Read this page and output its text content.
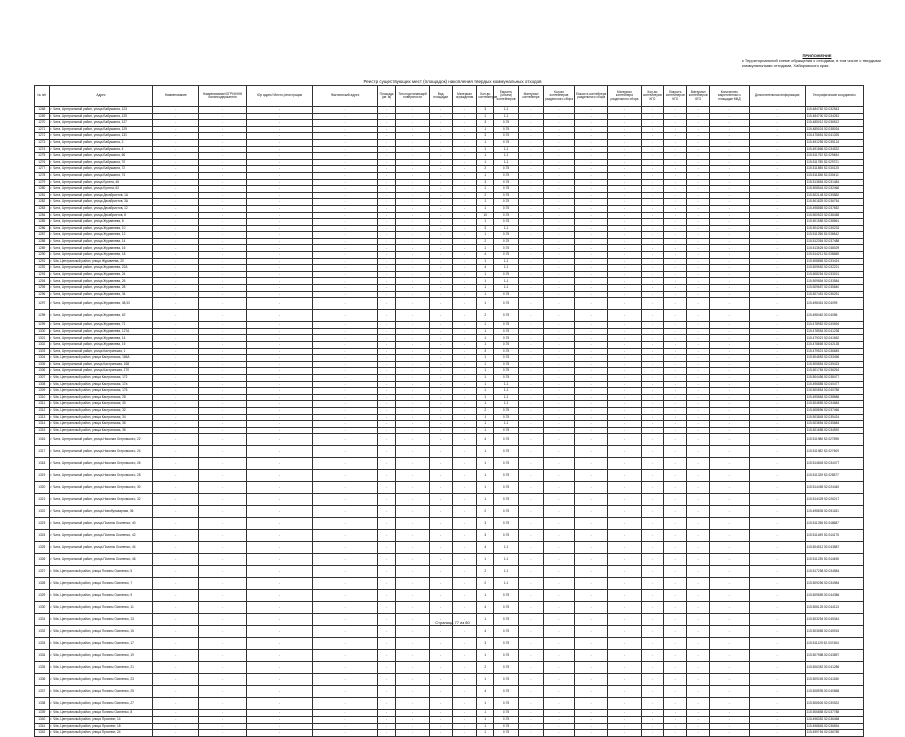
ПРИЛОЖЕНИЕ
к Территориальной схеме обращения с отходами, в том числе с твердыми
коммунальными отходами, Хабаровского края
Реестр существующих мест (площадок) накопления твердых коммунальных отходов
№ п/п	Адрес	Наименование	Наименование/ОГРН/ИНН балансодержателя	Юр адрес/ Место регистрации	Фактический адрес	Площадь (кв. м)	Тип подстилающей поверхности	Вид площадки	Материал ограждения	Кол-во контейнеров	Емкость (объем) контейнеров	Материал контейнера	Кол-во контейнеров раздельного сбора	Емкость контейнера раздельного сбора	Материал контейнера раздельного сбора	Кол-во контейнеров КГО	Емкость контейнеров КГО	Материал контейнеров КГО	Количество закрепленных к площадке МКД	Дополнительная информация	Географические координаты
1268	г. Чита, Центральный район, улица Бабушкина, 123	-	-	-	-	-	-	-	-	3	1.1	-	-	-	-	-	-	-	-	-	115.484782 52.032543
1269	г. Чита, Центральный район, улица Бабушкина, 125	-	-	-	-	-	-	-	-	1	1.1	-	-	-	-	-	-	-	-	-	115.484700 52.034281
1270	г. Чита, Центральный район, улица Бабушкина, 127	-	-	-	-	-	-	-	-	3	0.75	-	-	-	-	-	-	-	-	-	115.485012 52.036512
1271	г. Чита, Центральный район, улица Бабушкина, 129	-	-	-	-	-	-	-	-	1	0.75	-	-	-	-	-	-	-	-	-	115.485024 52.038034
1272	г. Чита, Центральный район, улица Бабушкина, 131	-	-	-	-	-	-	-	-	3	0.75	-	-	-	-	-	-	-	-	-	115.475651 52.041325
1273	г. Чита, Центральный район, улица Бабушкина, 2	-	-	-	-	-	-	-	-	1	0.75	-	-	-	-	-	-	-	-	-	115.491255 52.035124
1274	г. Чита, Центральный район, улица Бабушкина, 4	-	-	-	-	-	-	-	-	1	1.1	-	-	-	-	-	-	-	-	-	115.491866 52.034522
1275	г. Чита, Центральный район, улица Бабушкина, 66	-	-	-	-	-	-	-	-	1	1.1	-	-	-	-	-	-	-	-	-	115.511792 52.029484
1276	г. Чита, Центральный район, улица Бабушкина, 70	-	-	-	-	-	-	-	-	1	1.1	-	-	-	-	-	-	-	-	-	115.511785 52.029721
1277	г. Чита, Центральный район, улица Бабушкина, 72	-	-	-	-	-	-	-	-	2	0.75	-	-	-	-	-	-	-	-	-	115.511855 52.030125
1278	г. Чита, Центральный район, улица Бабушкина, 74	-	-	-	-	-	-	-	-	1	0.75	-	-	-	-	-	-	-	-	-	115.511836 52.030411
1279	г. Чита, Центральный район, улица Бутина, 46	-	-	-	-	-	-	-	-	3	0.75	-	-	-	-	-	-	-	-	-	115.513854 52.031484
1280	г. Чита, Центральный район, улица Бутина, 62	-	-	-	-	-	-	-	-	1	0.75	-	-	-	-	-	-	-	-	-	115.508544 52.032466
1281	г. Чита, Центральный район, улица Декабристов, 1А	-	-	-	-	-	-	-	-	2	0.75	-	-	-	-	-	-	-	-	-	115.502148 52.035882
1282	г. Чита, Центральный район, улица Декабристов, 3А	-	-	-	-	-	-	-	-	1	0.75	-	-	-	-	-	-	-	-	-	115.501825 52.036754
1283	г. Чита, Центральный район, улица Декабристов, 12	-	-	-	-	-	-	-	-	1	0.75	-	-	-	-	-	-	-	-	-	115.498865 52.037652
1284	г. Чита, Центральный район, улица Декабристов, 8	-	-	-	-	-	-	-	-	10	0.75	-	-	-	-	-	-	-	-	-	115.500522 52.038458
1285	г. Чита, Центральный район, улица Журавлева, 8	-	-	-	-	-	-	-	-	1	0.75	-	-	-	-	-	-	-	-	-	115.501585 52.038861
1286	г. Чита, Центральный район, улица Журавлева, 10	-	-	-	-	-	-	-	-	3	1.1	-	-	-	-	-	-	-	-	-	115.504265 52.035233
1287	г. Чита, Центральный район, улица Журавлева, 12	-	-	-	-	-	-	-	-	1	0.75	-	-	-	-	-	-	-	-	-	115.511256 52.036842
1288	г. Чита, Центральный район, улица Журавлева, 14	-	-	-	-	-	-	-	-	2	0.75	-	-	-	-	-	-	-	-	-	115.512354 52.037488
1289	г. Чита, Центральный район, улица Журавлева, 16	-	-	-	-	-	-	-	-	1	0.75	-	-	-	-	-	-	-	-	-	115.513525 52.038029
1290	г. Чита, Центральный район, улица Журавлева, 18	-	-	-	-	-	-	-	-	4	0.75	-	-	-	-	-	-	-	-	-	115.514211 52.038588
1291	г. Чita, Центральный район, улица Журавлева, 20	-	-	-	-	-	-	-	-	1	1.1	-	-	-	-	-	-	-	-	-	115.508865 52.033424
1292	г. Чита, Центральный район, улица Журавлева, 22А	-	-	-	-	-	-	-	-	4	1.1	-	-	-	-	-	-	-	-	-	115.509652 52.032221
1293	г. Чита, Центральный район, улица Журавлева, 24	-	-	-	-	-	-	-	-	1	0.75	-	-	-	-	-	-	-	-	-	115.508254 52.033021
1294	г. Чита, Центральный район, улица Журавлева, 26	-	-	-	-	-	-	-	-	1	1.1	-	-	-	-	-	-	-	-	-	115.509854 52.033584
1295	г. Чита, Центральный район, улица Журавлева, 28	-	-	-	-	-	-	-	-	1	1.1	-	-	-	-	-	-	-	-	-	115.509657 52.035840
1296	г. Чита, Центральный район, улица Журавлева, 34	-	-	-	-	-	-	-	-	1	0.75	-	-	-	-	-	-	-	-	-	115.507451 52.036251
1297	г. Чита, Центральный район, улица Журавлева, 48,33	-	-	-	-	-	-	-	-	1	0.75	-	-	-	-	-	-	-	-	-	115.498451 52.04099
1298	г. Чита, Центральный район, улица Журавлева, 62	-	-	-	-	-	-	-	-	2	0.75	-	-	-	-	-	-	-	-	-	115.498462 52.04086
1299	г. Чита, Центральный район, улица Журавлева, 71	-	-	-	-	-	-	-	-	1	0.75	-	-	-	-	-	-	-	-	-	115.478952 52.040694
1300	г. Чита, Центральный район, улица Журавлева, 127А	-	-	-	-	-	-	-	-	1	0.75	-	-	-	-	-	-	-	-	-	115.478554 52.041238
1301	г. Чита, Центральный район, улица Журавлева, 14	-	-	-	-	-	-	-	-	1	0.75	-	-	-	-	-	-	-	-	-	115.479321 52.041652
1302	г. Чита, Центральный район, улица Журавлева, 15	-	-	-	-	-	-	-	-	1	0.75	-	-	-	-	-	-	-	-	-	115.478865 52.042135
1303	г. Чита, Центральный район, улица Кастринская, 1	-	-	-	-	-	-	-	-	3	0.75	-	-	-	-	-	-	-	-	-	115.479521 52.036845
1304	г. Чita, Центральный район, улица Кастринская, 166А	-	-	-	-	-	-	-	-	1	0.75	-	-	-	-	-	-	-	-	-	115.504853 52.033456
1305	г. Чита, Центральный район, улица Кастринская, 168	-	-	-	-	-	-	-	-	1	0.75	-	-	-	-	-	-	-	-	-	115.505854 52.035423
1306	г. Чита, Центральный район, улица Кастринская, 170	-	-	-	-	-	-	-	-	1	0.75	-	-	-	-	-	-	-	-	-	115.501784 52.036254
1307	г. Чita, Центральный район, улица Кастринская, 172	-	-	-	-	-	-	-	-	1	0.75	-	-	-	-	-	-	-	-	-	115.504456 52.038477
1308	г. Чita, Центральный район, улица Кастринская, 17а	-	-	-	-	-	-	-	-	1	1.1	-	-	-	-	-	-	-	-	-	115.496885 52.040477
1309	г. Чita, Центральный район, улица Кастринская, 176	-	-	-	-	-	-	-	-	1	1.1	-	-	-	-	-	-	-	-	-	115.500854 52.040786
1310	г. Чita, Центральный район, улица Кастринская, 28	-	-	-	-	-	-	-	-	1	1.1	-	-	-	-	-	-	-	-	-	115.495884 52.038686
1311	г. Чita, Центральный район, улица Кастринская, 30	-	-	-	-	-	-	-	-	1	1.1	-	-	-	-	-	-	-	-	-	115.504855 52.034684
1312	г. Чita, Центральный район, улица Кастринская, 32	-	-	-	-	-	-	-	-	2	0.75	-	-	-	-	-	-	-	-	-	115.508896 52.037466
1313	г. Чita, Центральный район, улица Кастринская, 34	-	-	-	-	-	-	-	-	1	0.75	-	-	-	-	-	-	-	-	-	115.503845 52.035424
1314	г. Чita, Центральный район, улица Кастринская, 36	-	-	-	-	-	-	-	-	1	1.1	-	-	-	-	-	-	-	-	-	115.503854 52.035684
1315	г. Чita, Центральный район, улица Кастринская, 36	-	-	-	-	-	-	-	-	1	0.75	-	-	-	-	-	-	-	-	-	115.501858 52.034592
1316	г. Чита, Центральный район, улица Николая Островского, 22	-	-	-	-	-	-	-	-	4	0.75	-	-	-	-	-	-	-	-	-	115.511986 52.027598
1317	г. Чита, Центральный район, улица Николая Островского, 24	-	-	-	-	-	-	-	-	1	0.75	-	-	-	-	-	-	-	-	-	115.511982 52.027609
1318	г. Чита, Центральный район, улица Николая Островского, 26	-	-	-	-	-	-	-	-	1	0.75	-	-	-	-	-	-	-	-	-	115.514845 52.034477
1319	г. Чита, Центральный район, улица Николая Островского, 28	-	-	-	-	-	-	-	-	1	0.75	-	-	-	-	-	-	-	-	-	115.511325 52.028577
1320	г. Чита, Центральный район, улица Николая Островского, 30	-	-	-	-	-	-	-	-	1	0.75	-	-	-	-	-	-	-	-	-	115.514455 52.024440
1321	г. Чита, Центральный район, улица Николая Островского, 32	-	-	-	-	-	-	-	-	1	0.75	-	-	-	-	-	-	-	-	-	115.514425 52.026217
1322	г. Чита, Центральный район, улица Новобульварная, 36	-	-	-	-	-	-	-	-	2	0.75	-	-	-	-	-	-	-	-	-	115.498835 52.051181
1323	г. Чита, Центральный район, улица Полины Осипенко, 40	-	-	-	-	-	-	-	-	3	0.75	-	-	-	-	-	-	-	-	-	115.511258 52.048687
1324	г. Чита, Центральный район, улица Полины Осипенко, 42	-	-	-	-	-	-	-	-	3	0.75	-	-	-	-	-	-	-	-	-	115.511459 52.044175
1325	г. Чита, Центральный район, улица Полины Осипенко, 44	-	-	-	-	-	-	-	-	4	1.1	-	-	-	-	-	-	-	-	-	115.504512 52.043887
1326	г. Чита, Центральный район, улица Полины Осипенко, 46	-	-	-	-	-	-	-	-	1	1.1	-	-	-	-	-	-	-	-	-	115.511235 52.044458
1327	г. Чita, Центральный район, улица Полины Осипенко, 5	-	-	-	-	-	-	-	-	2	1.1	-	-	-	-	-	-	-	-	-	115.517258 52.034584
1328	г. Чita, Центральный район, улица Полины Осипенко, 7	-	-	-	-	-	-	-	-	2	1.1	-	-	-	-	-	-	-	-	-	115.509256 52.034984
1329	г. Чita, Центральный район, улица Полины Осипенко, 9	-	-	-	-	-	-	-	-	1	0.75	-	-	-	-	-	-	-	-	-	115.509855 52.044386
1330	г. Чita, Центральный район, улица Полины Осипенко, 11	-	-	-	-	-	-	-	-	4	0.75	-	-	-	-	-	-	-	-	-	115.506125 52.044113
1331	г. Чita, Центральный район, улица Полины Осипенко, 13	-	-	-	-	-	-	-	-	1	0.75	-	-	-	-	-	-	-	-	-	115.503254 52.045344
1332	г. Чita, Центральный район, улица Полины Осипенко, 15	-	-	-	-	-	-	-	-	4	0.75	-	-	-	-	-	-	-	-	-	115.503685 52.045915
1333	г. Чita, Центральный район, улица Полины Осипенко, 17	-	-	-	-	-	-	-	-	3	0.75	-	-	-	-	-	-	-	-	-	115.511125 52.047484
1334	г. Чita, Центральный район, улица Полины Осипенко, 19	-	-	-	-	-	-	-	-	1	0.75	-	-	-	-	-	-	-	-	-	115.507988 52.043857
1335	г. Чita, Центральный район, улица Полины Осипенко, 21	-	-	-	-	-	-	-	-	2	0.75	-	-	-	-	-	-	-	-	-	115.506352 52.041286
1336	г. Чita, Центральный район, улица Полины Осипенко, 23	-	-	-	-	-	-	-	-	1	0.75	-	-	-	-	-	-	-	-	-	115.509245 52.041186
1337	г. Чita, Центральный район, улица Полины Осипенко, 25	-	-	-	-	-	-	-	-	4	0.75	-	-	-	-	-	-	-	-	-	115.508595 52.040868
1338	г. Чita, Центральный район, улица Полины Осипенко, 27	-	-	-	-	-	-	-	-	1	0.75	-	-	-	-	-	-	-	-	-	115.506526 52.030522
1339	г. Чita, Центральный район, улица Полины Осипенко, 8	-	-	-	-	-	-	-	-	1	0.75	-	-	-	-	-	-	-	-	-	115.506858 52.037788
1340	г. Чita, Центральный район, улица Проспект, 14	-	-	-	-	-	-	-	-	1	0.75	-	-	-	-	-	-	-	-	-	115.498352 52.036468
1341	г. Чita, Центральный район, улица Проспект, 18	-	-	-	-	-	-	-	-	1	0.75	-	-	-	-	-	-	-	-	-	115.498845 52.036654
1342	г. Чita, Центральный район, улица Проспект, 24	-	-	-	-	-	-	-	-	1	0.75	-	-	-	-	-	-	-	-	-	115.499754 52.036789
Страница 77 из 80
